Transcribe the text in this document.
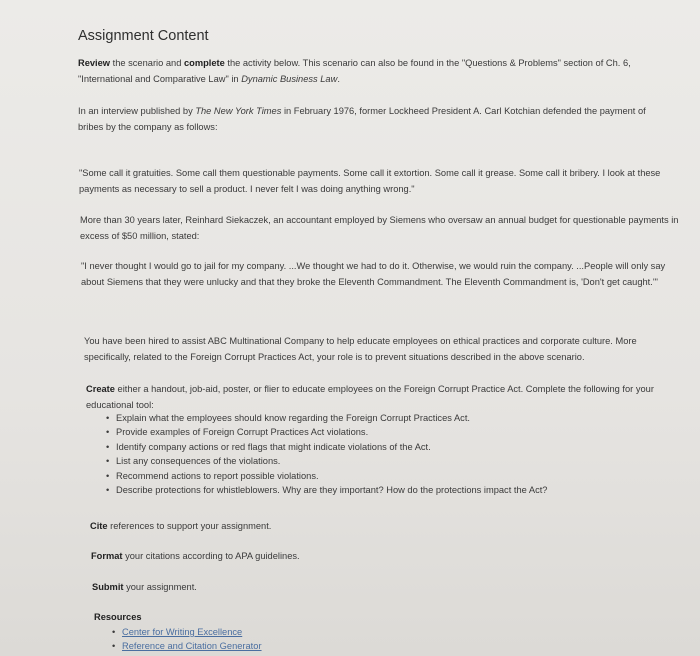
Assignment Content

Review the scenario and complete the activity below. This scenario can also be found in the "Questions & Problems" section of Ch. 6, "International and Comparative Law" in Dynamic Business Law.

In an interview published by The New York Times in February 1976, former Lockheed President A. Carl Kotchian defended the payment of bribes by the company as follows:

"Some call it gratuities. Some call them questionable payments. Some call it extortion. Some call it grease. Some call it bribery. I look at these payments as necessary to sell a product. I never felt I was doing anything wrong."

More than 30 years later, Reinhard Siekaczek, an accountant employed by Siemens who oversaw an annual budget for questionable payments in excess of $50 million, stated:

"I never thought I would go to jail for my company. ...We thought we had to do it. Otherwise, we would ruin the company. ...People will only say about Siemens that they were unlucky and that they broke the Eleventh Commandment. The Eleventh Commandment is, 'Don't get caught.'"

You have been hired to assist ABC Multinational Company to help educate employees on ethical practices and corporate culture. More specifically, related to the Foreign Corrupt Practices Act, your role is to prevent situations described in the above scenario.

Create either a handout, job-aid, poster, or flier to educate employees on the Foreign Corrupt Practice Act. Complete the following for your educational tool:

• Explain what the employees should know regarding the Foreign Corrupt Practices Act.
• Provide examples of Foreign Corrupt Practices Act violations.
• Identify company actions or red flags that might indicate violations of the Act.
• List any consequences of the violations.
• Recommend actions to report possible violations.
• Describe protections for whistleblowers. Why are they important? How do the protections impact the Act?

Cite references to support your assignment.

Format your citations according to APA guidelines.

Submit your assignment.

Resources
• Center for Writing Excellence
• Reference and Citation Generator
